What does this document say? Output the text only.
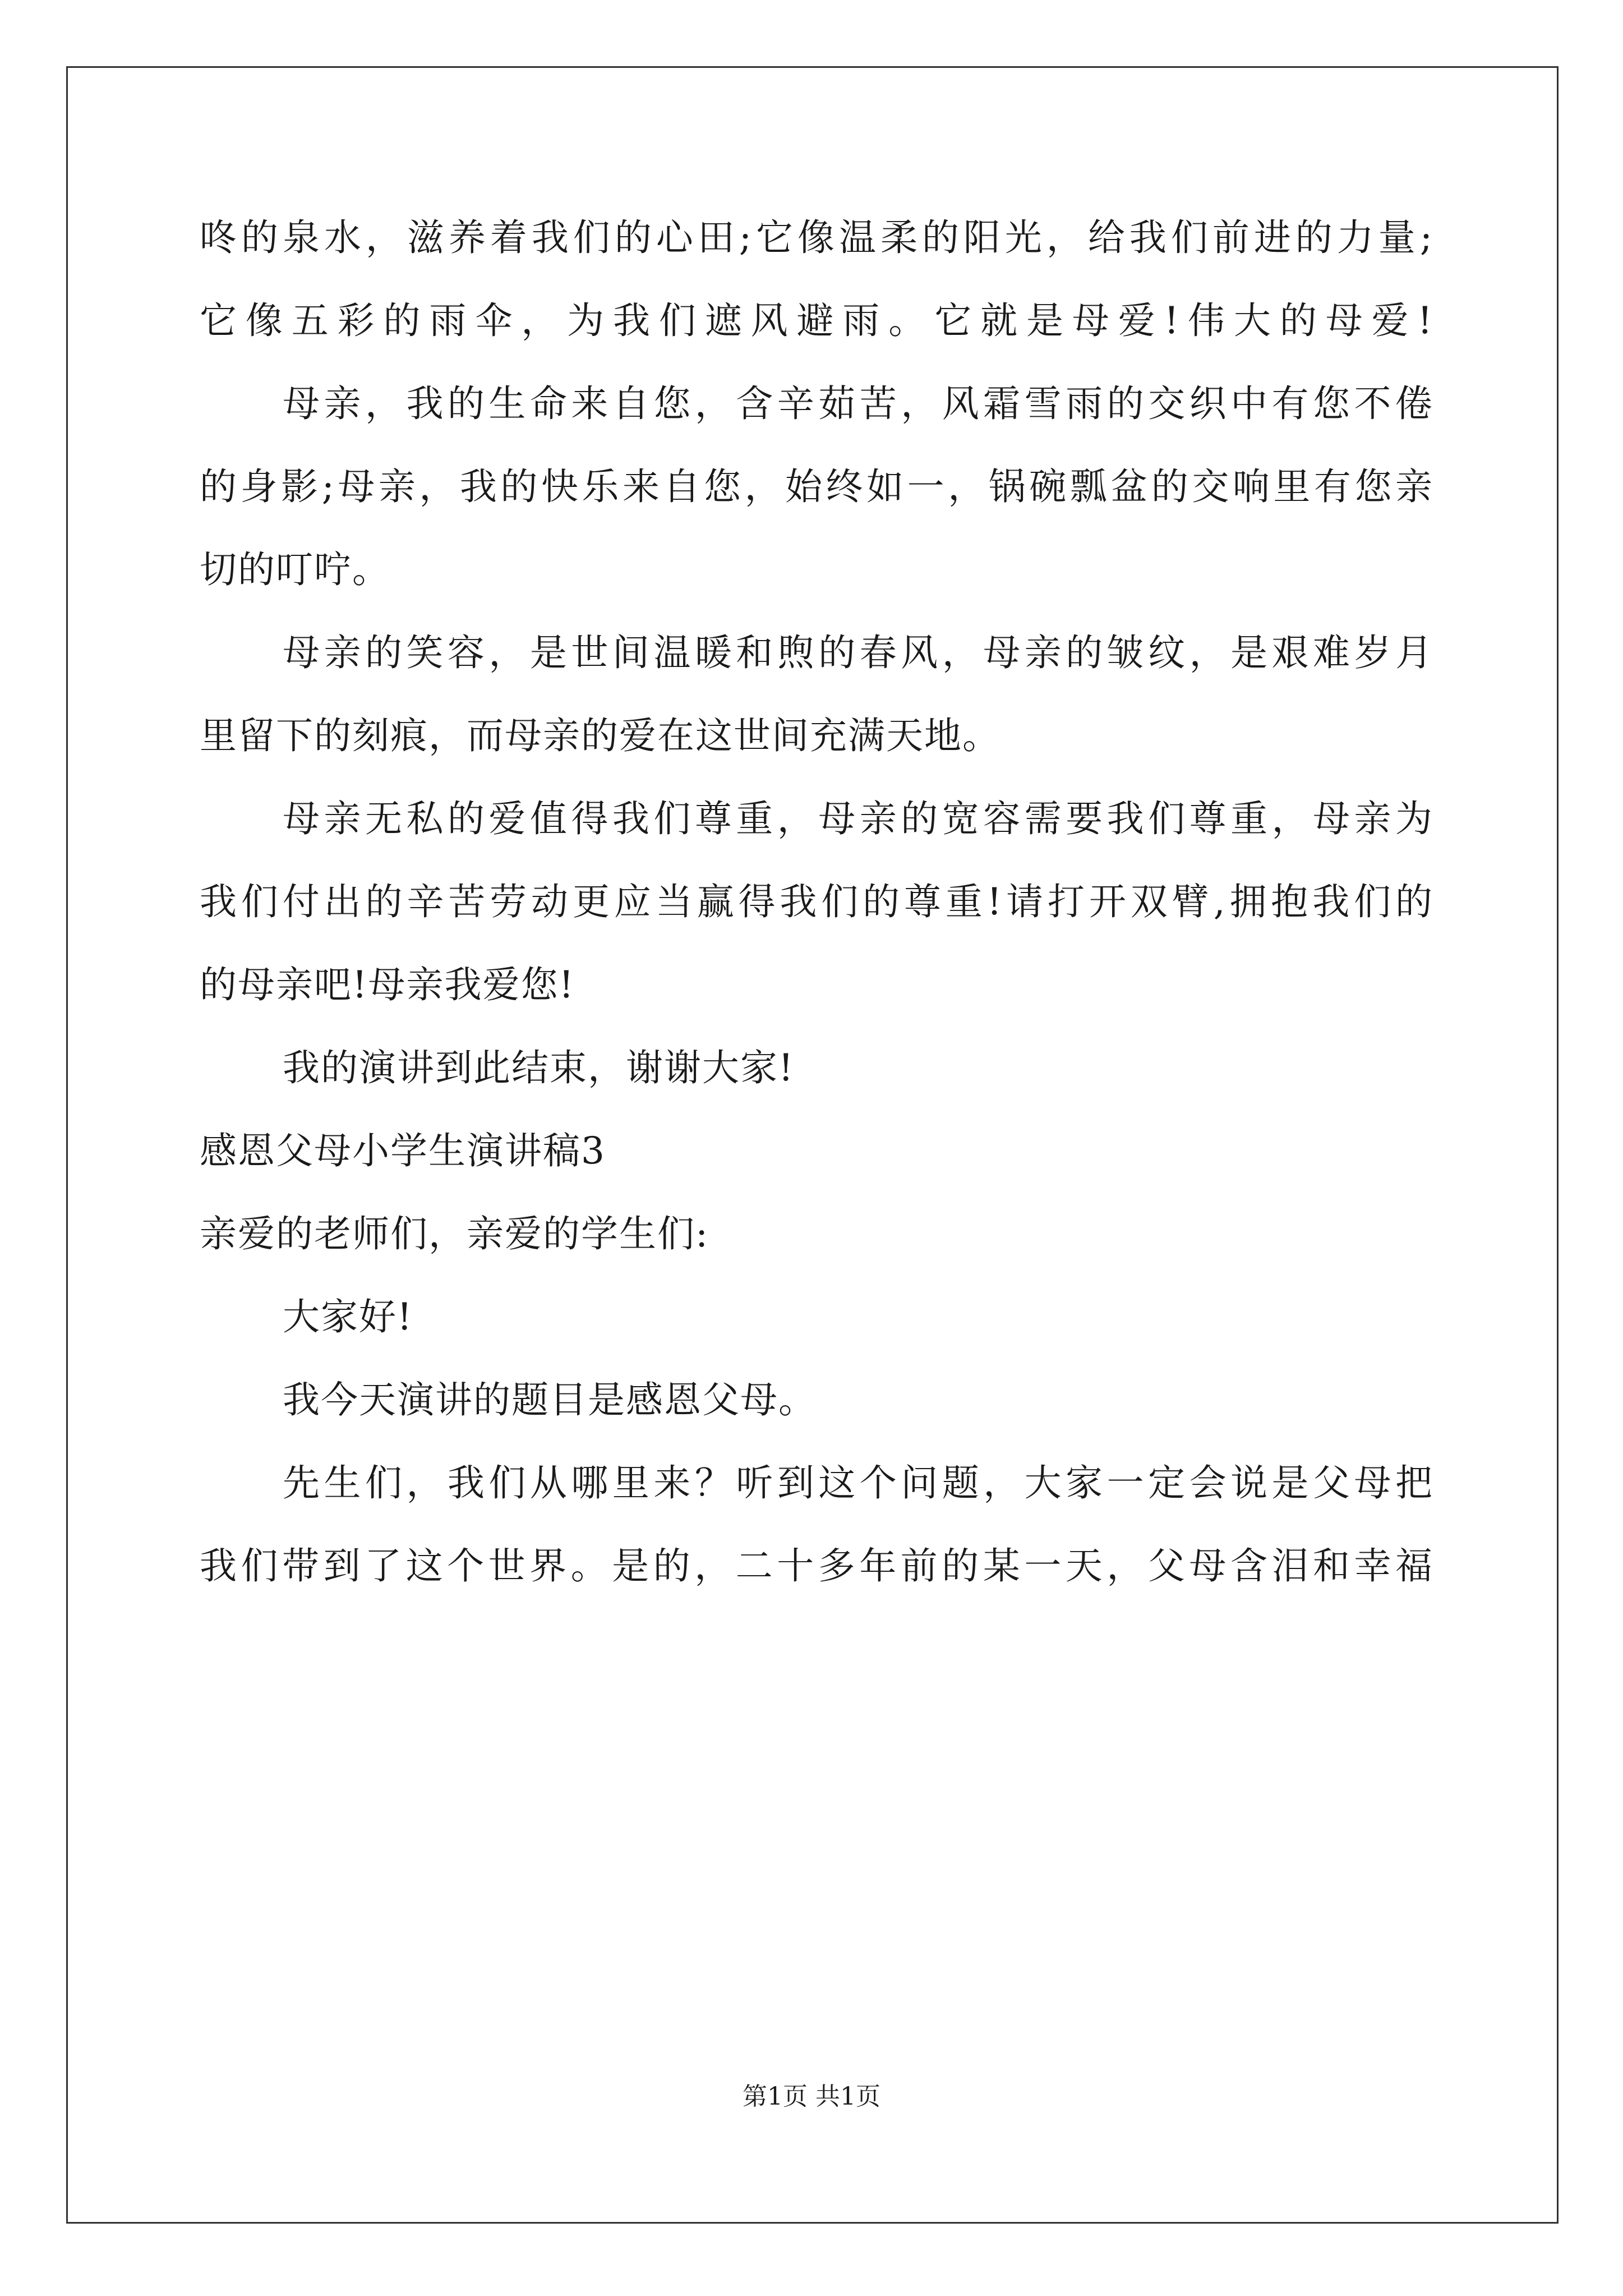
咚的泉水，滋养着我们的心田;它像温柔的阳光，给我们前进的力量;
它像五彩的雨伞，为我们遮风避雨。它就是母爱!伟大的母爱!
母亲，我的生命来自您，含辛茹苦，风霜雪雨的交织中有您不倦
的身影;母亲，我的快乐来自您，始终如一，锅碗瓢盆的交响里有您亲
切的叮咛。
母亲的笑容，是世间温暖和煦的春风，母亲的皱纹，是艰难岁月
里留下的刻痕，而母亲的爱在这世间充满天地。
母亲无私的爱值得我们尊重，母亲的宽容需要我们尊重，母亲为
我们付出的辛苦劳动更应当赢得我们的尊重!请打开双臂,拥抱我们的
的母亲吧!母亲我爱您!
我的演讲到此结束，谢谢大家!
感恩父母小学生演讲稿3
亲爱的老师们，亲爱的学生们:
大家好!
我今天演讲的题目是感恩父母。
先生们，我们从哪里来？听到这个问题，大家一定会说是父母把
我们带到了这个世界。是的，二十多年前的某一天，父母含泪和幸福
第1页 共1页
